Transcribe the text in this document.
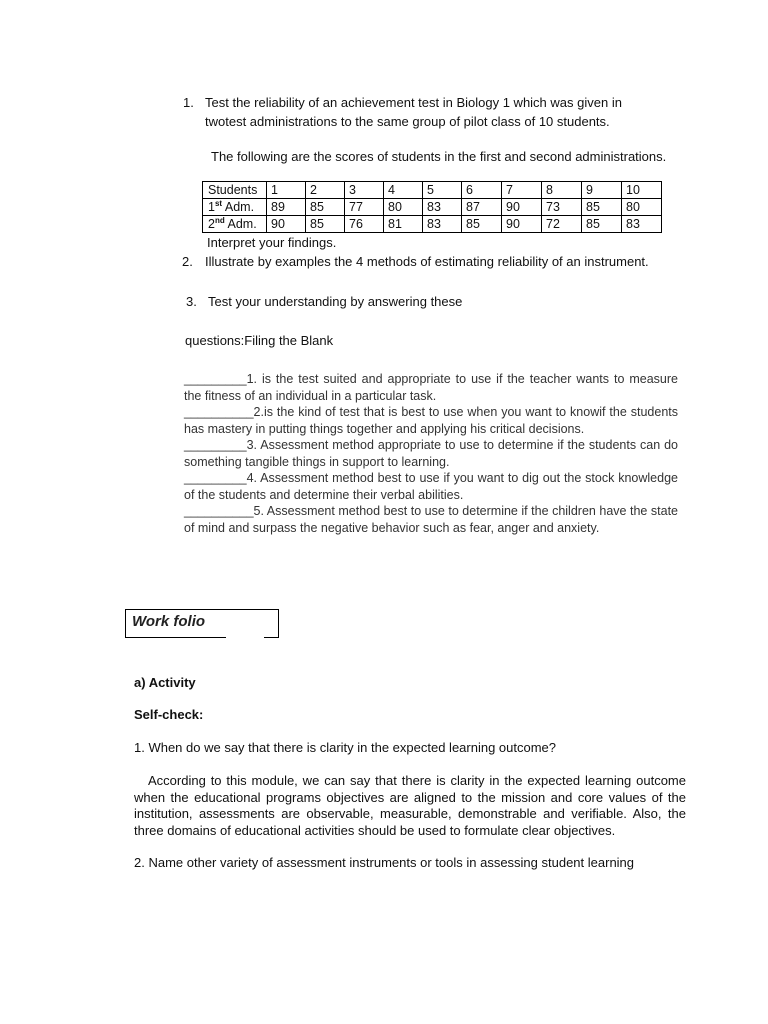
1. Test the reliability of an achievement test in Biology 1 which was given in
twotest administrations to the same group of pilot class of 10 students.
The following are the scores of students in the first and second administrations.
Students	1	2	3	4	5	6	7	8	9	10
1st Adm.	89	85	77	80	83	87	90	73	85	80
2nd Adm.	90	85	76	81	83	85	90	72	85	83
Interpret your findings.
2. Illustrate by examples the 4 methods of estimating reliability of an instrument.
3. Test your understanding by answering these
questions:Filing the Blank

_________1. is the test suited and appropriate to use if the teacher wants to measure the fitness of an individual in a particular task.

__________2.is the kind of test that is best to use when you want to knowif the students has mastery in putting things together and applying his critical decisions.

_________3. Assessment method appropriate to use to determine if the students can do something tangible things in support to learning.

_________4. Assessment method best to use if you want to dig out the stock knowledge of the students and determine their verbal abilities.

__________5. Assessment method best to use to determine if the children have the state of mind and surpass the negative behavior such as fear, anger and anxiety.

Work folio
a) Activity
Self-check:
1. When do we say that there is clarity in the expected learning outcome?
According to this module, we can say that there is clarity in the expected learning outcome when the educational programs objectives are aligned to the mission and core values of the institution, assessments are observable, measurable, demonstrable and verifiable. Also, the three domains of educational activities should be used to formulate clear objectives.
2. Name other variety of assessment instruments or tools in assessing student learning
